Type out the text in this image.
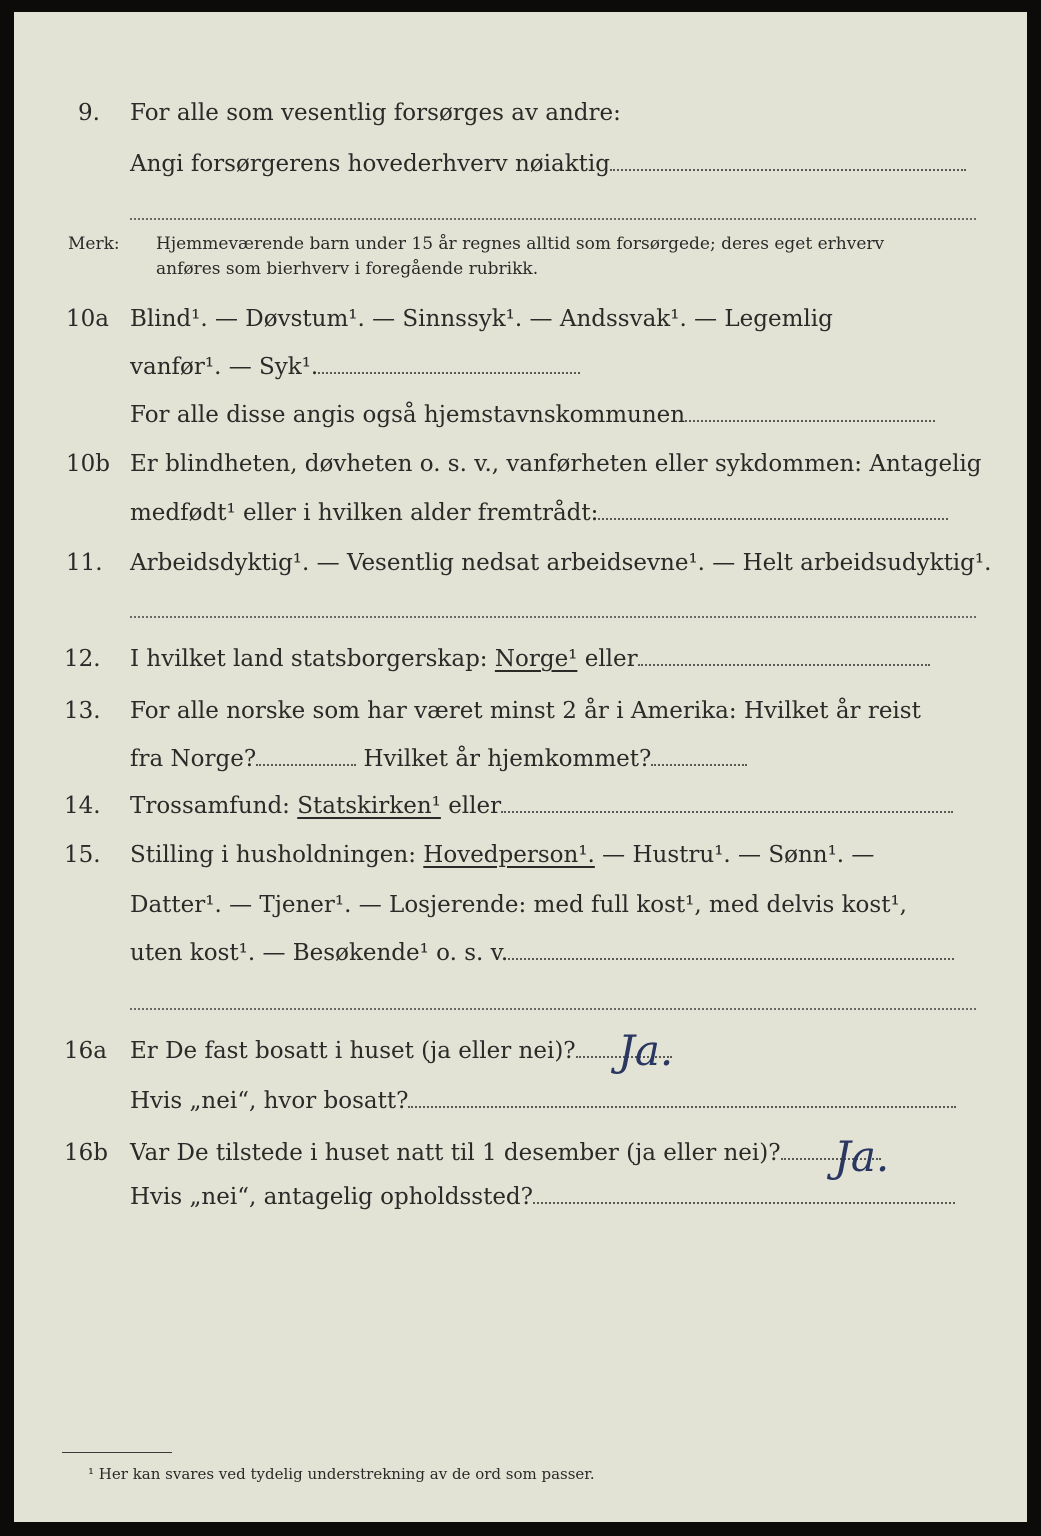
9. For alle som vesentlig forsørges av andre:
Angi forsørgerens hovederhverv nøiaktig
Merk: Hjemmeværende barn under 15 år regnes alltid som forsørgede; deres eget erhverv
anføres som bierhverv i foregående rubrikk.
10a Blind¹. — Døvstum¹. — Sinnssyk¹. — Andssvak¹. — Legemlig
vanfør¹. — Syk¹.
For alle disse angis også hjemstavnskommunen
10b Er blindheten, døvheten o. s. v., vanførheten eller sykdommen: Antagelig
medfødt¹ eller i hvilken alder fremtrådt:
11. Arbeidsdyktig¹. — Vesentlig nedsat arbeidsevne¹. — Helt arbeidsudyktig¹.
12. I hvilket land statsborgerskap: Norge¹ eller
13. For alle norske som har været minst 2 år i Amerika: Hvilket år reist
fra Norge?	Hvilket år hjemkommet?
14. Trossamfund: Statskirken¹ eller
15. Stilling i husholdningen: Hovedperson¹. — Hustru¹. — Sønn¹. —
Datter¹. — Tjener¹. — Losjerende: med full kost¹, med delvis kost¹,
uten kost¹. — Besøkende¹ o. s. v.
16a Er De fast bosatt i huset (ja eller nei)?	Ja.
Hvis „nei“, hvor bosatt?
16b Var De tilstede i huset natt til 1 desember (ja eller nei)?	Ja.
Hvis „nei“, antagelig opholdssted?
¹ Her kan svares ved tydelig understrekning av de ord som passer.
